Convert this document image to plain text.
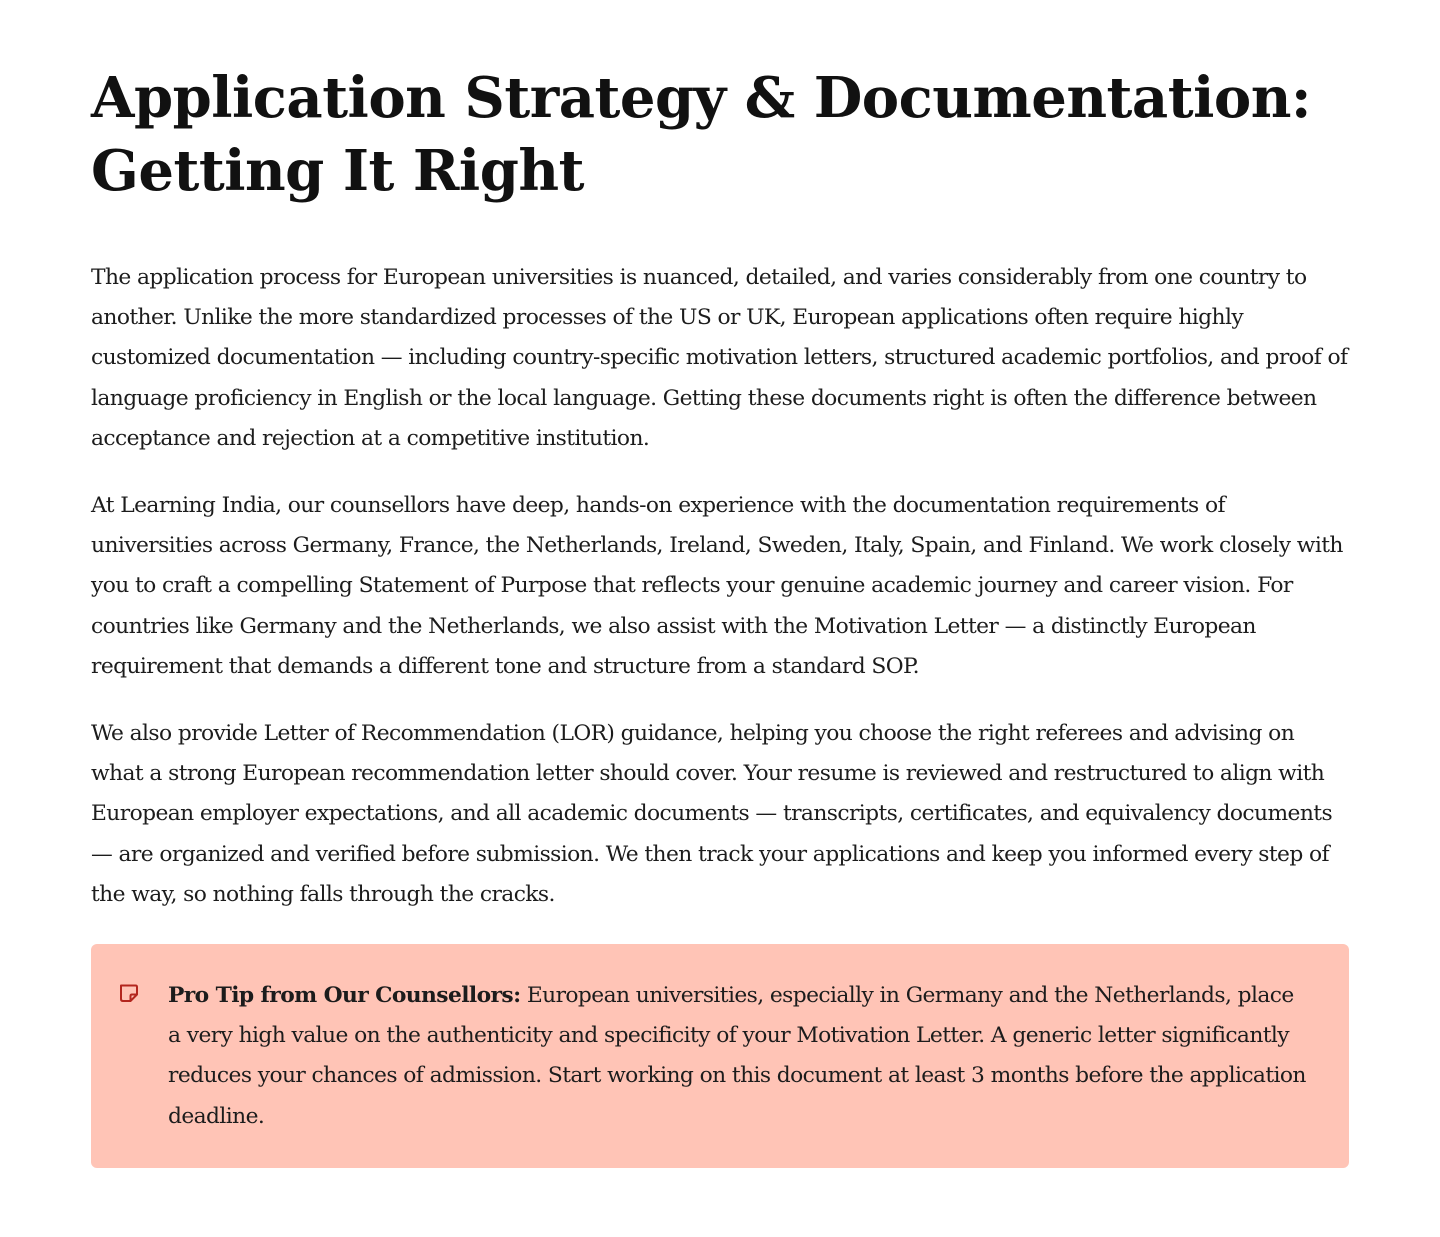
Application Strategy & Documentation:
Getting It Right

The application process for European universities is nuanced, detailed, and varies considerably from one country to another. Unlike the more standardized processes of the US or UK, European applications often require highly customized documentation — including country-specific motivation letters, structured academic portfolios, and proof of language proficiency in English or the local language. Getting these documents right is often the difference between acceptance and rejection at a competitive institution.

At Learning India, our counsellors have deep, hands-on experience with the documentation requirements of universities across Germany, France, the Netherlands, Ireland, Sweden, Italy, Spain, and Finland. We work closely with you to craft a compelling Statement of Purpose that reflects your genuine academic journey and career vision. For countries like Germany and the Netherlands, we also assist with the Motivation Letter — a distinctly European requirement that demands a different tone and structure from a standard SOP.

We also provide Letter of Recommendation (LOR) guidance, helping you choose the right referees and advising on what a strong European recommendation letter should cover. Your resume is reviewed and restructured to align with European employer expectations, and all academic documents — transcripts, certificates, and equivalency documents — are organized and verified before submission. We then track your applications and keep you informed every step of the way, so nothing falls through the cracks.

Pro Tip from Our Counsellors: European universities, especially in Germany and the Netherlands, place a very high value on the authenticity and specificity of your Motivation Letter. A generic letter significantly reduces your chances of admission. Start working on this document at least 3 months before the application deadline.
